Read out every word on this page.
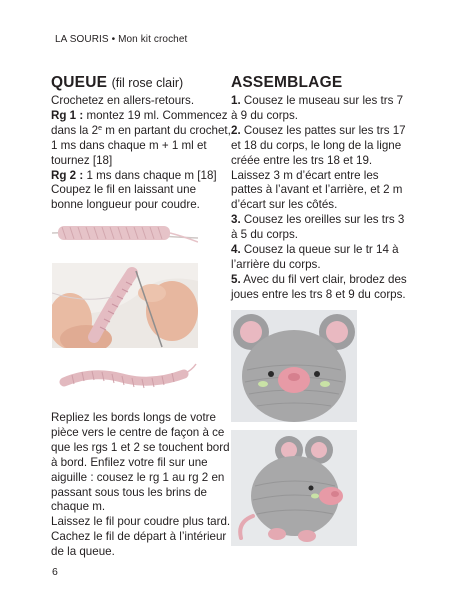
LA SOURIS • Mon kit crochet
QUEUE (fil rose clair)

Crochetez en allers-retours.

Rg 1 : montez 19 ml. Commencez dans la 2e m en partant du crochet, 1 ms dans chaque m + 1 ml et tournez [18]

Rg 2 : 1 ms dans chaque m [18]

Coupez le fil en laissant une bonne longueur pour coudre.

Repliez les bords longs de votre pièce vers le centre de façon à ce que les rgs 1 et 2 se touchent bord à bord. Enfilez votre fil sur une aiguille : cousez le rg 1 au rg 2 en passant sous tous les brins de chaque m.

Laissez le fil pour coudre plus tard. Cachez le fil de départ à l’intérieur de la queue.

ASSEMBLAGE

1. Cousez le museau sur les trs 7 à 9 du corps.

2. Cousez les pattes sur les trs 17 et 18 du corps, le long de la ligne créée entre les trs 18 et 19. Laissez 3 m d’écart entre les pattes à l’avant et l’arrière, et 2 m d’écart sur les côtés.

3. Cousez les oreilles sur les trs 3 à 5 du corps.

4. Cousez la queue sur le tr 14 à l’arrière du corps.

5. Avec du fil vert clair, brodez des joues entre les trs 8 et 9 du corps.

6
